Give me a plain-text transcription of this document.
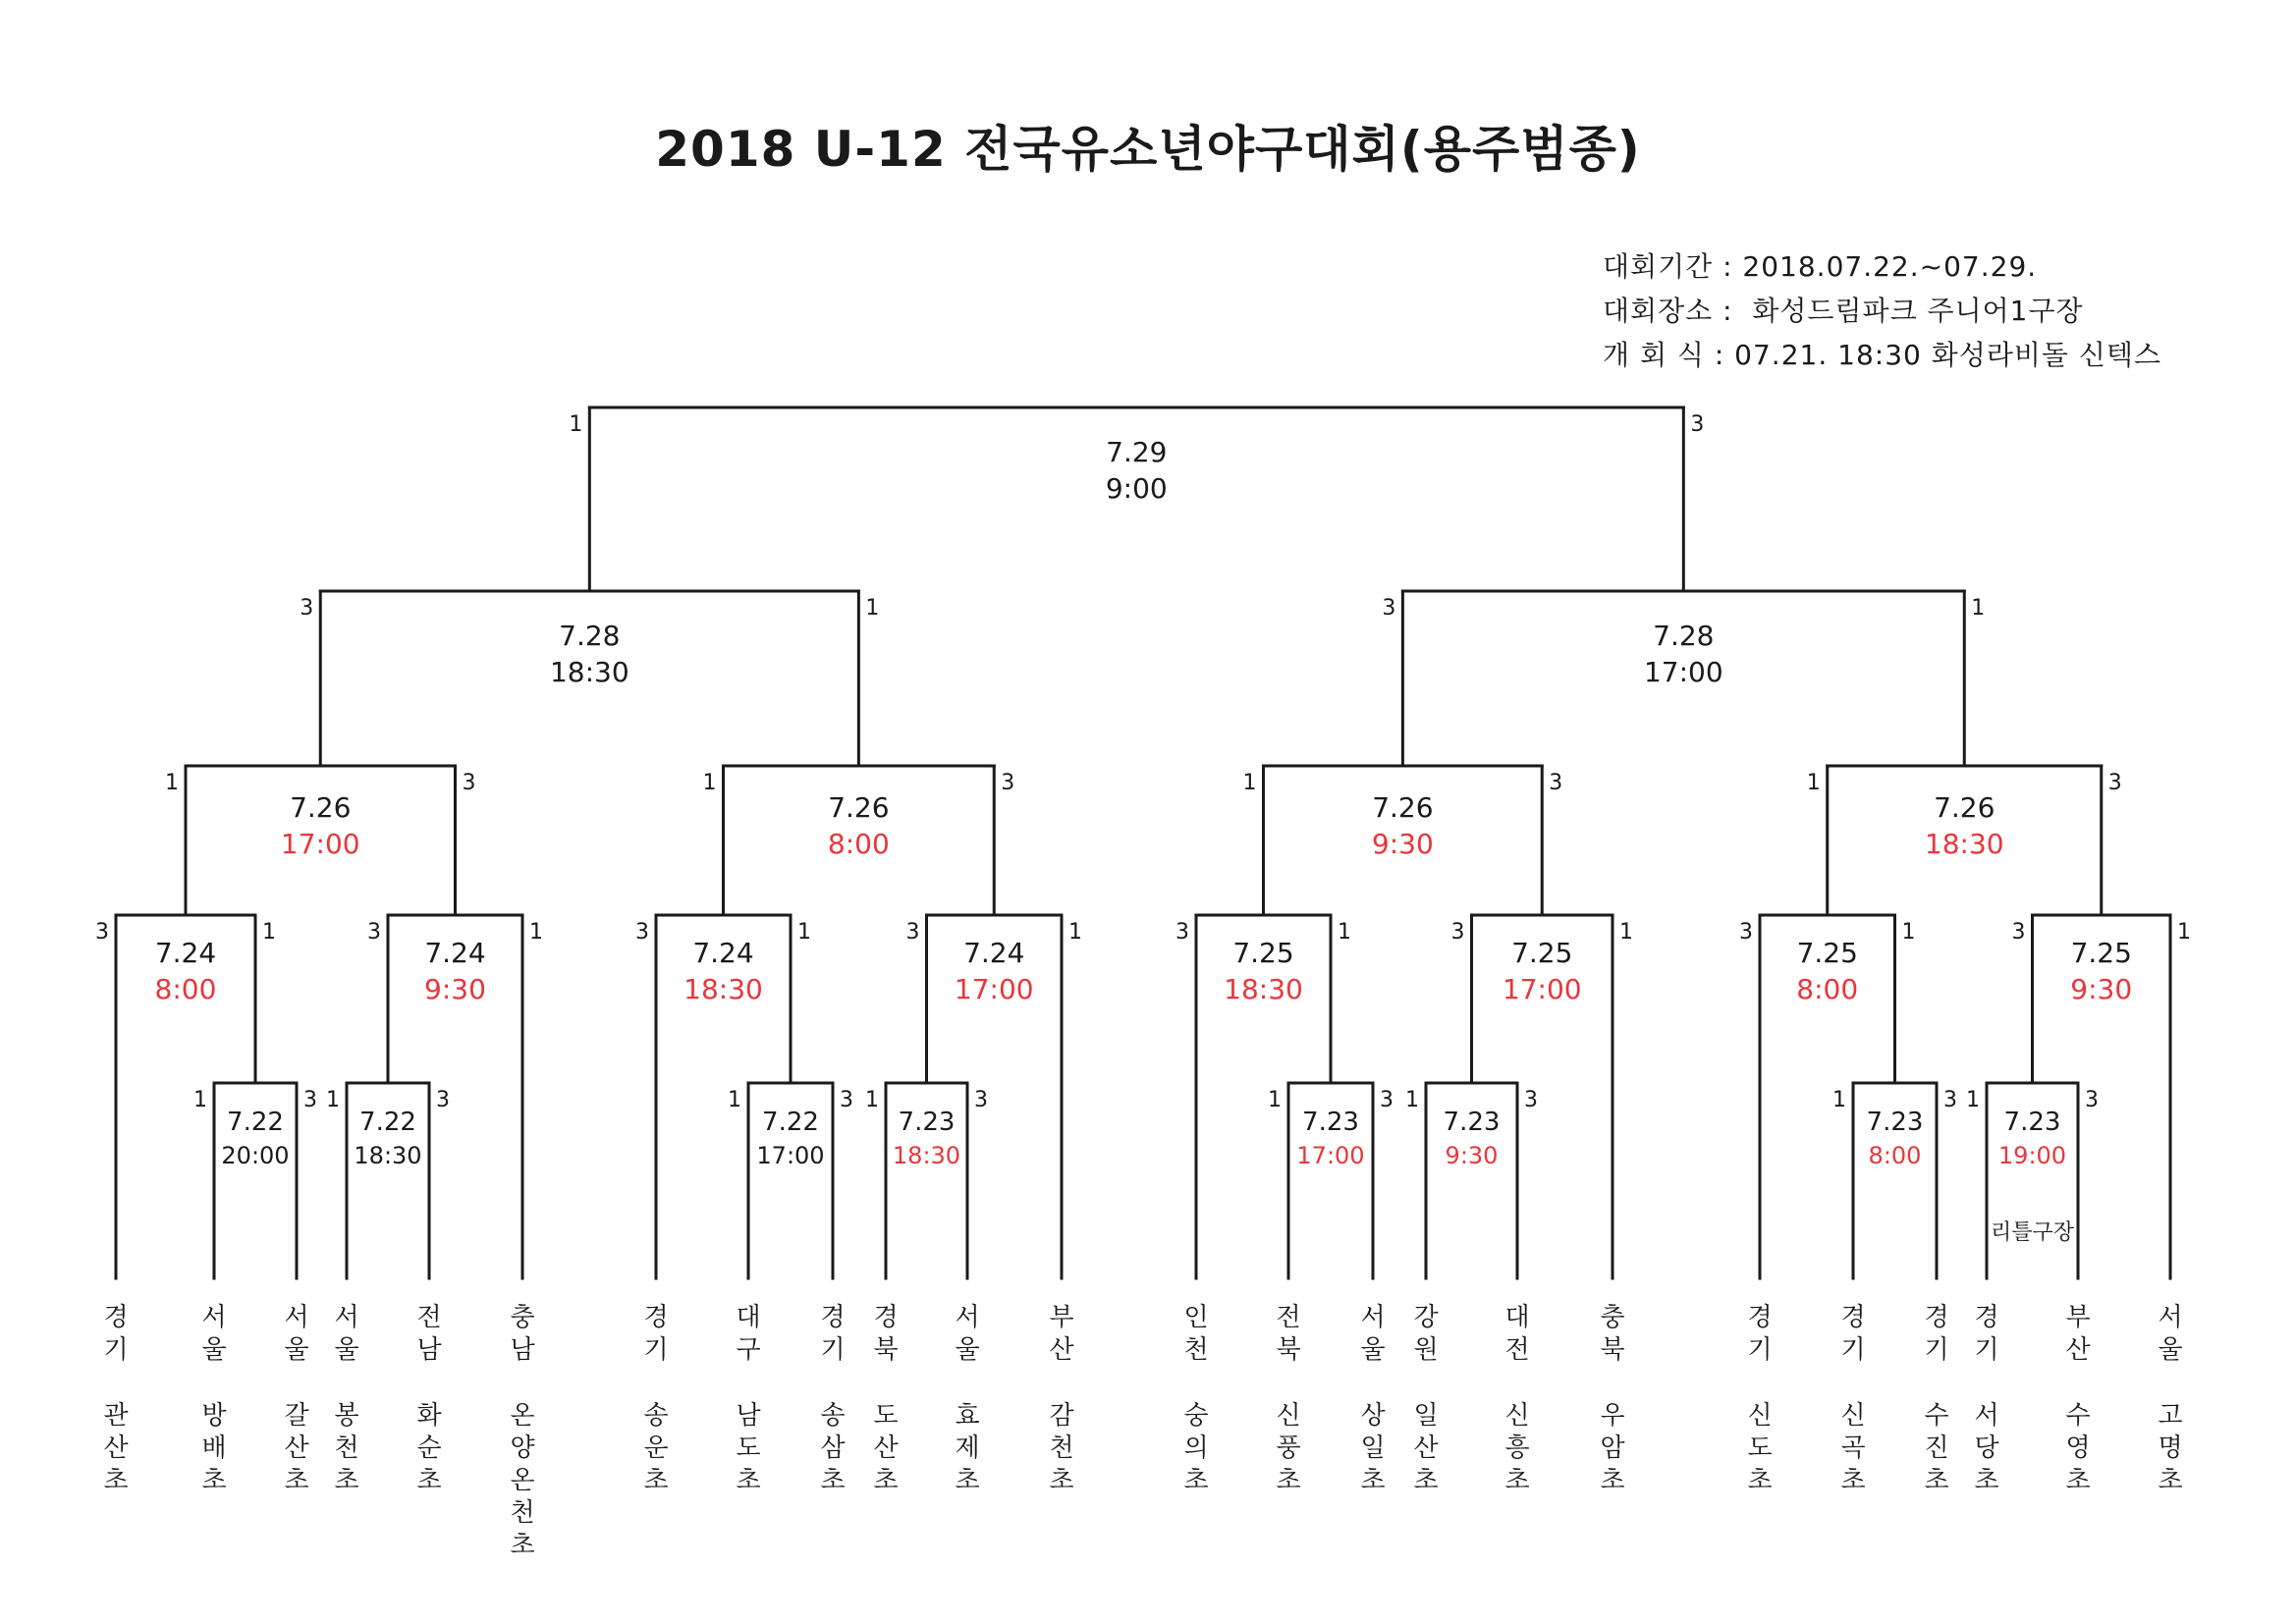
2018 U-12 전국유소년야구대회(용주범종)
대회기간 : 2018.07.22.~07.29.
대회장소 :  화성드림파크 주니어1구장
개 회 식 : 07.21. 18:30 화성라비돌 신텍스
7.22
20:00
1	3
7.22
18:30
1	3
7.22
17:00
1	3
7.23
18:30
1	3
7.23
17:00
1	3
7.23
9:30
1	3
7.23
8:00
1	3
7.23
19:00
1	3
7.24
8:00
3	1
7.24
9:30
3	1
7.24
18:30
3	1
7.24
17:00
3	1
7.25
18:30
3	1
7.25
17:00
3	1
7.25
8:00
3	1
7.25
9:30
3	1
7.26
17:00
1	3
7.26
8:00
1	3
7.26
9:30
1	3
7.26
18:30
1	3
7.28
18:30
3	1
7.28
17:00
3	1
7.29
9:00
1	3
리틀구장
경
기
관
산
초
서
울
방
배
초
서
울
갈
산
초
서
울
봉
천
초
전
남
화
순
초
충
남
온
양
온
천
초
경
기
송
운
초
대
구
남
도
초
경
기
송
삼
초
경
북
도
산
초
서
울
효
제
초
부
산
감
천
초
인
천
숭
의
초
전
북
신
풍
초
서
울
상
일
초
강
원
일
산
초
대
전
신
흥
초
충
북
우
암
초
경
기
신
도
초
경
기
신
곡
초
경
기
수
진
초
경
기
서
당
초
부
산
수
영
초
서
울
고
명
초
